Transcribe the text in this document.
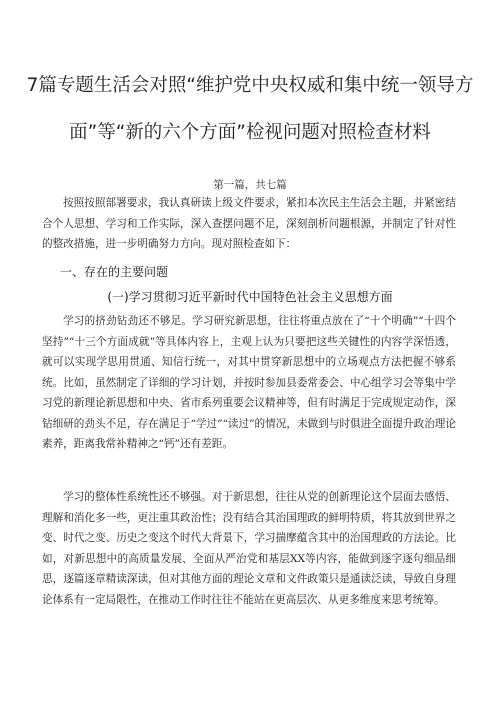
7篇专题生活会对照“维护党中央权威和集中统一领导方
面”等“新的六个方面”检视问题对照检查材料
第一篇，共七篇

按照按照部署要求，我认真研读上级文件要求，紧扣本次民主生活会主题，并紧密结合个人思想、学习和工作实际，深入查摆问题不足，深刻剖析问题根源，并制定了针对性的整改措施，进一步明确努力方向。现对照检查如下：

一、存在的主要问题
(一)学习贯彻习近平新时代中国特色社会主义思想方面

学习的挤劲钻劲还不够足。学习研究新思想，往往将重点放在了“十个明确”“十四个坚持”“十三个方面成就”等具体内容上，主观上认为只要把这些关键性的内容学深悟透，就可以实现学思用贯通、知信行统一，对其中贯穿新思想中的立场观点方法把握不够系统。比如，虽然制定了详细的学习计划，并按时参加县委常委会、中心组学习会等集中学习党的新理论新思想和中央、省市系列重要会议精神等，但有时满足于完成规定动作，深钻细研的劲头不足，存在满足于“学过”“读过”的情况，未做到与时俱进全面提升政治理论素养，距离我常补精神之“钙”还有差距。

学习的整体性系统性还不够强。对于新思想，往往从党的创新理论这个层面去感悟、理解和消化多一些，更注重其政治性；没有结合其治国理政的鲜明特质，将其放到世界之变、时代之变、历史之变这个时代大背景下，学习揣摩蕴含其中的治国理政的方法论。比如，对新思想中的高质量发展、全面从严治党和基层XX等内容，能做到逐字逐句细品细思，逐篇逐章精读深读，但对其他方面的理论文章和文件政策只是通读泛读，导致自身理论体系有一定局限性，在推动工作时往往不能站在更高层次、从更多维度来思考统筹。
